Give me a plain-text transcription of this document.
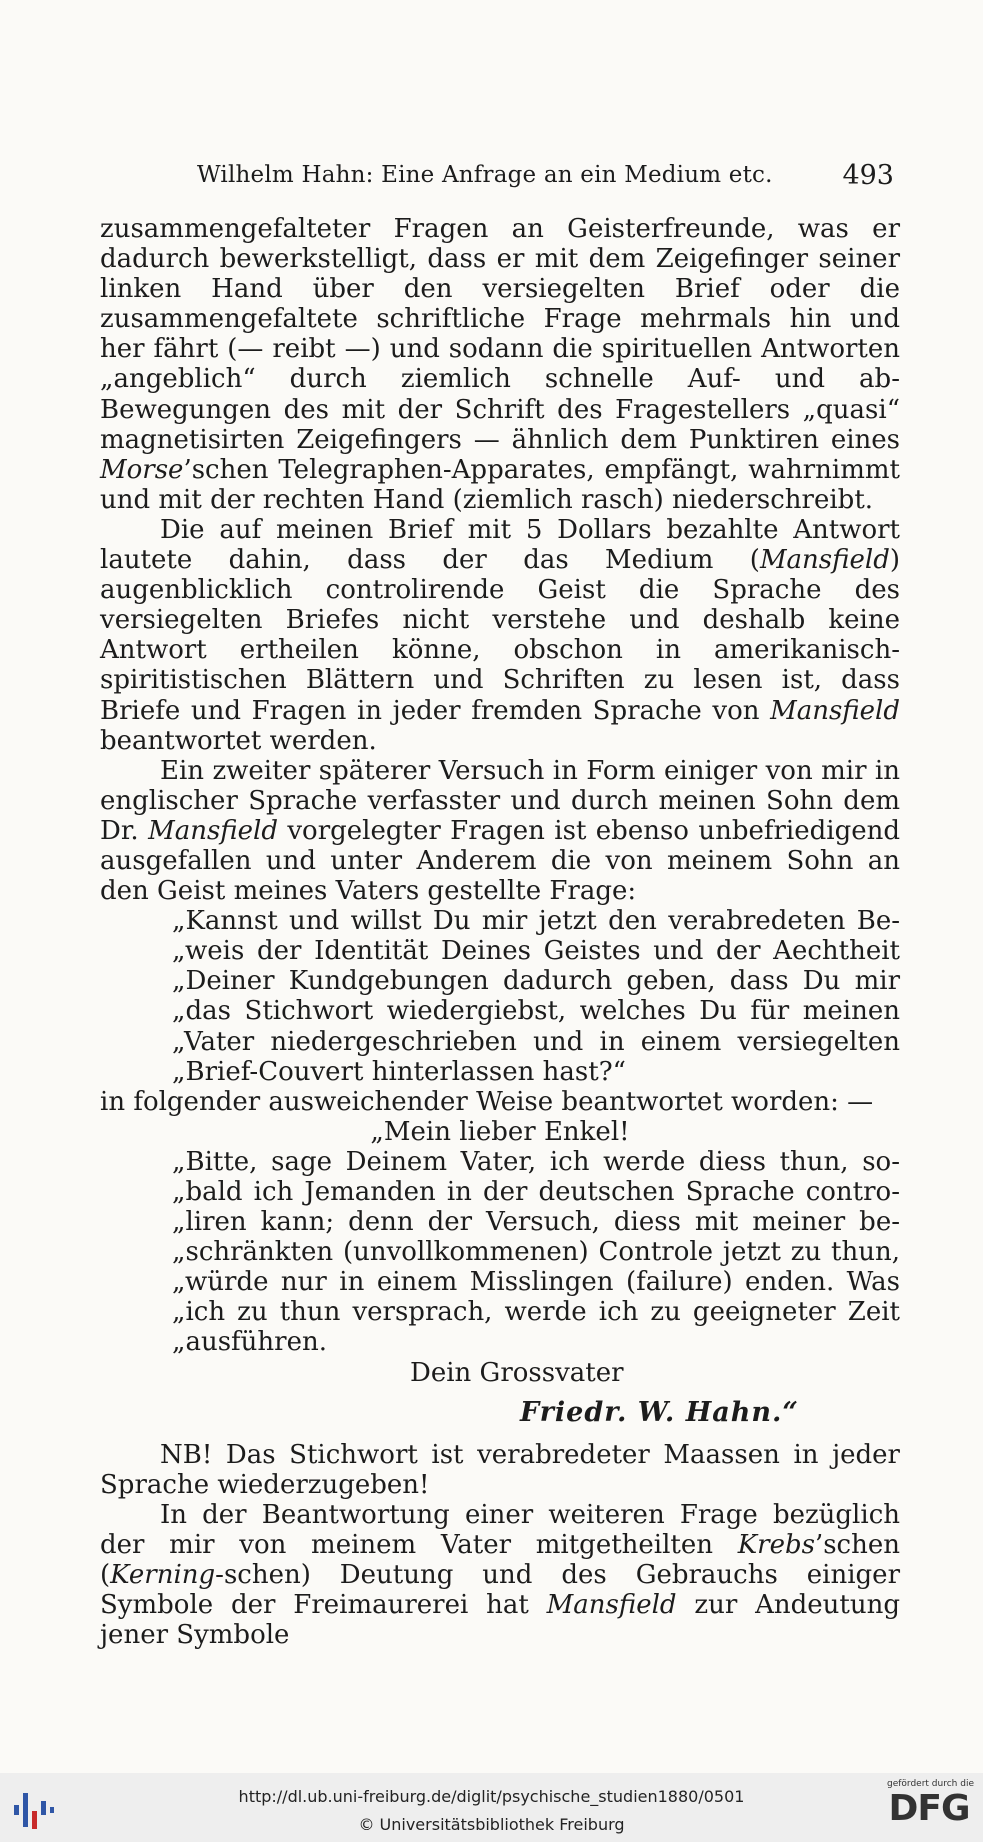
Wilhelm Hahn: Eine Anfrage an ein Medium etc.	493

zusammengefalteter Fragen an Geisterfreunde, was er dadurch bewerkstelligt, dass er mit dem Zeigefinger seiner linken Hand über den versiegelten Brief oder die zusammengefaltete schriftliche Frage mehrmals hin und her fährt (— reibt —) und sodann die spirituellen Antworten „angeblich“ durch ziemlich schnelle Auf- und ab-Bewegungen des mit der Schrift des Fragestellers „quasi“ magnetisirten Zeigefingers — ähnlich dem Punktiren eines Morse’schen Telegraphen-Apparates, empfängt, wahrnimmt und mit der rechten Hand (ziemlich rasch) niederschreibt.

Die auf meinen Brief mit 5 Dollars bezahlte Antwort lautete dahin, dass der das Medium (Mansfield) augenblicklich controlirende Geist die Sprache des versiegelten Briefes nicht verstehe und deshalb keine Antwort ertheilen könne, obschon in amerikanisch-spiritistischen Blättern und Schriften zu lesen ist, dass Briefe und Fragen in jeder fremden Sprache von Mansfield beantwortet werden.

Ein zweiter späterer Versuch in Form einiger von mir in englischer Sprache verfasster und durch meinen Sohn dem Dr. Mansfield vorgelegter Fragen ist ebenso unbefriedigend ausgefallen und unter Anderem die von meinem Sohn an den Geist meines Vaters gestellte Frage:

„Kannst und willst Du mir jetzt den verabredeten Be-
„weis der Identität Deines Geistes und der Aechtheit
„Deiner Kundgebungen dadurch geben, dass Du mir
„das Stichwort wiedergiebst, welches Du für meinen
„Vater niedergeschrieben und in einem versiegelten
„Brief-Couvert hinterlassen hast?“

in folgender ausweichender Weise beantwortet worden: —

„Mein lieber Enkel!

„Bitte, sage Deinem Vater, ich werde diess thun, so-
„bald ich Jemanden in der deutschen Sprache contro-
„liren kann; denn der Versuch, diess mit meiner be-
„schränkten (unvollkommenen) Controle jetzt zu thun,
„würde nur in einem Misslingen (failure) enden. Was
„ich zu thun versprach, werde ich zu geeigneter Zeit
„ausführen.

Dein Grossvater

Friedr. W. Hahn.“

NB! Das Stichwort ist verabredeter Maassen in jeder Sprache wiederzugeben!

In der Beantwortung einer weiteren Frage bezüglich der mir von meinem Vater mitgetheilten Krebs’schen (Kerning-schen) Deutung und des Gebrauchs einiger Symbole der Freimaurerei hat Mansfield zur Andeutung jener Symbole

http://dl.ub.uni-freiburg.de/diglit/psychische_studien1880/0501
© Universitätsbibliothek Freiburg
gefördert durch die
DFG
